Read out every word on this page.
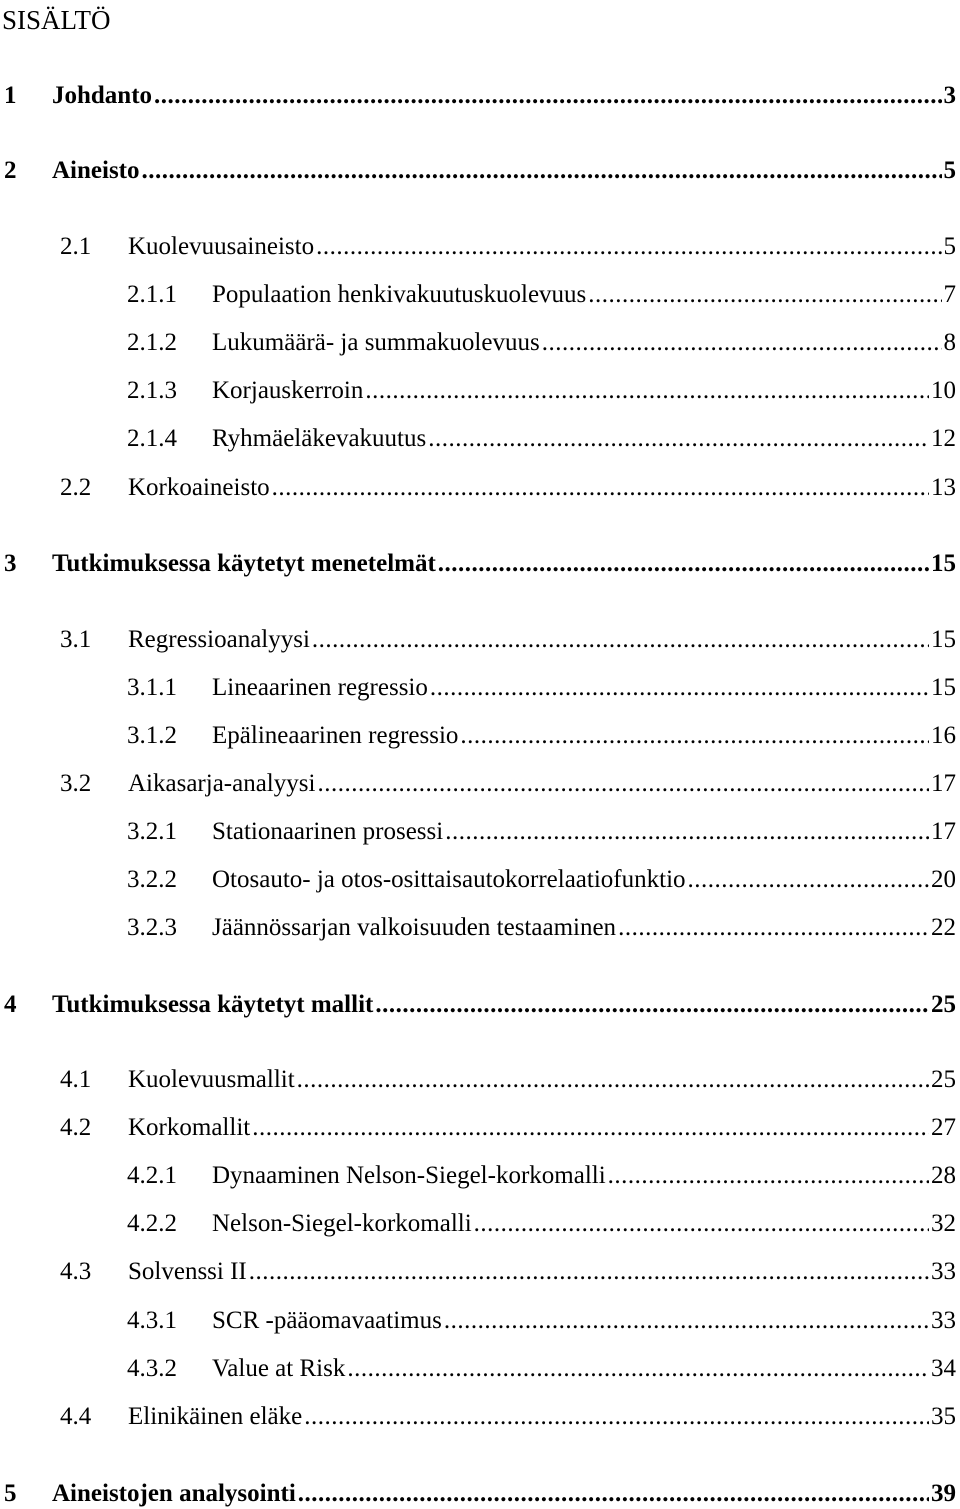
SISÄLTÖ
1 Johdanto .....	3
2 Aineisto .....	5
2.1 Kuolevuusaineisto .....	5
2.1.1 Populaation henkivakuutuskuolevuus .....	7
2.1.2 Lukumäärä- ja summakuolevuus .....	8
2.1.3 Korjauskerroin .....	10
2.1.4 Ryhmäeläkevakuutus .....	12
2.2 Korkoaineisto .....	13
3 Tutkimuksessa käytetyt menetelmät .....	15
3.1 Regressioanalyysi .....	15
3.1.1 Lineaarinen regressio .....	15
3.1.2 Epälineaarinen regressio .....	16
3.2 Aikasarja-analyysi .....	17
3.2.1 Stationaarinen prosessi .....	17
3.2.2 Otosauto- ja otos-osittaisautokorrelaatiofunktio .....	20
3.2.3 Jäännössarjan valkoisuuden testaaminen .....	22
4 Tutkimuksessa käytetyt mallit .....	25
4.1 Kuolevuusmallit .....	25
4.2 Korkomallit .....	27
4.2.1 Dynaaminen Nelson-Siegel-korkomalli .....	28
4.2.2 Nelson-Siegel-korkomalli .....	32
4.3 Solvenssi II .....	33
4.3.1 SCR -pääomavaatimus .....	33
4.3.2 Value at Risk .....	34
4.4 Elinikäinen eläke .....	35
5 Aineistojen analysointi .....	39
